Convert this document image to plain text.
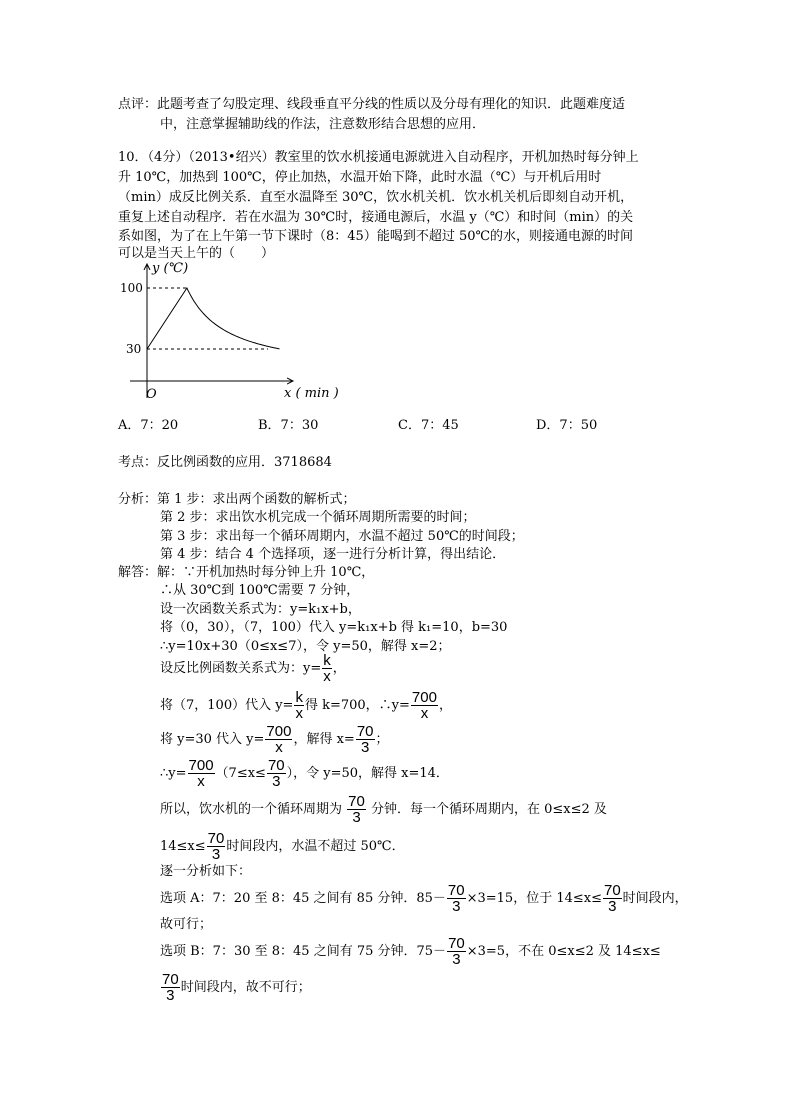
点评：此题考查了勾股定理、线段垂直平分线的性质以及分母有理化的知识．此题难度适
中，注意掌握辅助线的作法，注意数形结合思想的应用．
10．（4分）（2013•绍兴）教室里的饮水机接通电源就进入自动程序，开机加热时每分钟上
升 10℃，加热到 100℃，停止加热，水温开始下降，此时水温（℃）与开机后用时
（min）成反比例关系．直至水温降至 30℃，饮水机关机．饮水机关机后即刻自动开机，
重复上述自动程序．若在水温为 30℃时，接通电源后，水温 y（℃）和时间（min）的关
系如图，为了在上午第一节下课时（8：45）能喝到不超过 50℃的水，则接通电源的时间
可以是当天上午的（　　）
y (℃)
x ( min )
O
100
30
A．7：20	B．7：30	C．7：45	D．7：50
考点：反比例函数的应用．3718684
分析：第 1 步：求出两个函数的解析式；
第 2 步：求出饮水机完成一个循环周期所需要的时间；
第 3 步：求出每一个循环周期内，水温不超过 50℃的时间段；
第 4 步：结合 4 个选择项，逐一进行分析计算，得出结论．
解答：解：∵开机加热时每分钟上升 10℃，
∴从 30℃到 100℃需要 7 分钟，
设一次函数关系式为：y=k₁x+b，
将（0，30），（7，100）代入 y=k₁x+b 得 k₁=10，b=30
∴y=10x+30（0≤x≤7），令 y=50，解得 x=2；
设反比例函数关系式为：$y= \frac{k}{x}$ ，
将（7，100）代入 $y= \frac{k}{x}$ 得 k=700，∴y= $\frac{700}{x}$ ，
将 y=30 代入 $y= \frac{700}{x}$ ，解得 $x= \frac{70}{3}$ ；
∴y= $\frac{700}{x} (7\le x\le \frac{70}{3}$ ），令 y=50，解得 x=14．
所以，饮水机的一个循环周期为 $\frac{70}{3}$ 分钟．每一个循环周期内，在 0≤x≤2 及
$14\le x\le \frac{70}{3}$ 时间段内，水温不超过 50℃．
逐一分析如下：
选项 A：7：20 至 8：45 之间有 85 分钟．$85- \frac{70}{3} \times 3=15$，位于 $14\le x\le \frac{70}{3}$ 时间段内，
故可行；
选项 B：7：30 至 8：45 之间有 75 分钟．$75- \frac{70}{3} \times 3=5$，不在 0≤x≤2 及 14≤x≤
$\frac{70}{3}$ 时间段内，故不可行；
